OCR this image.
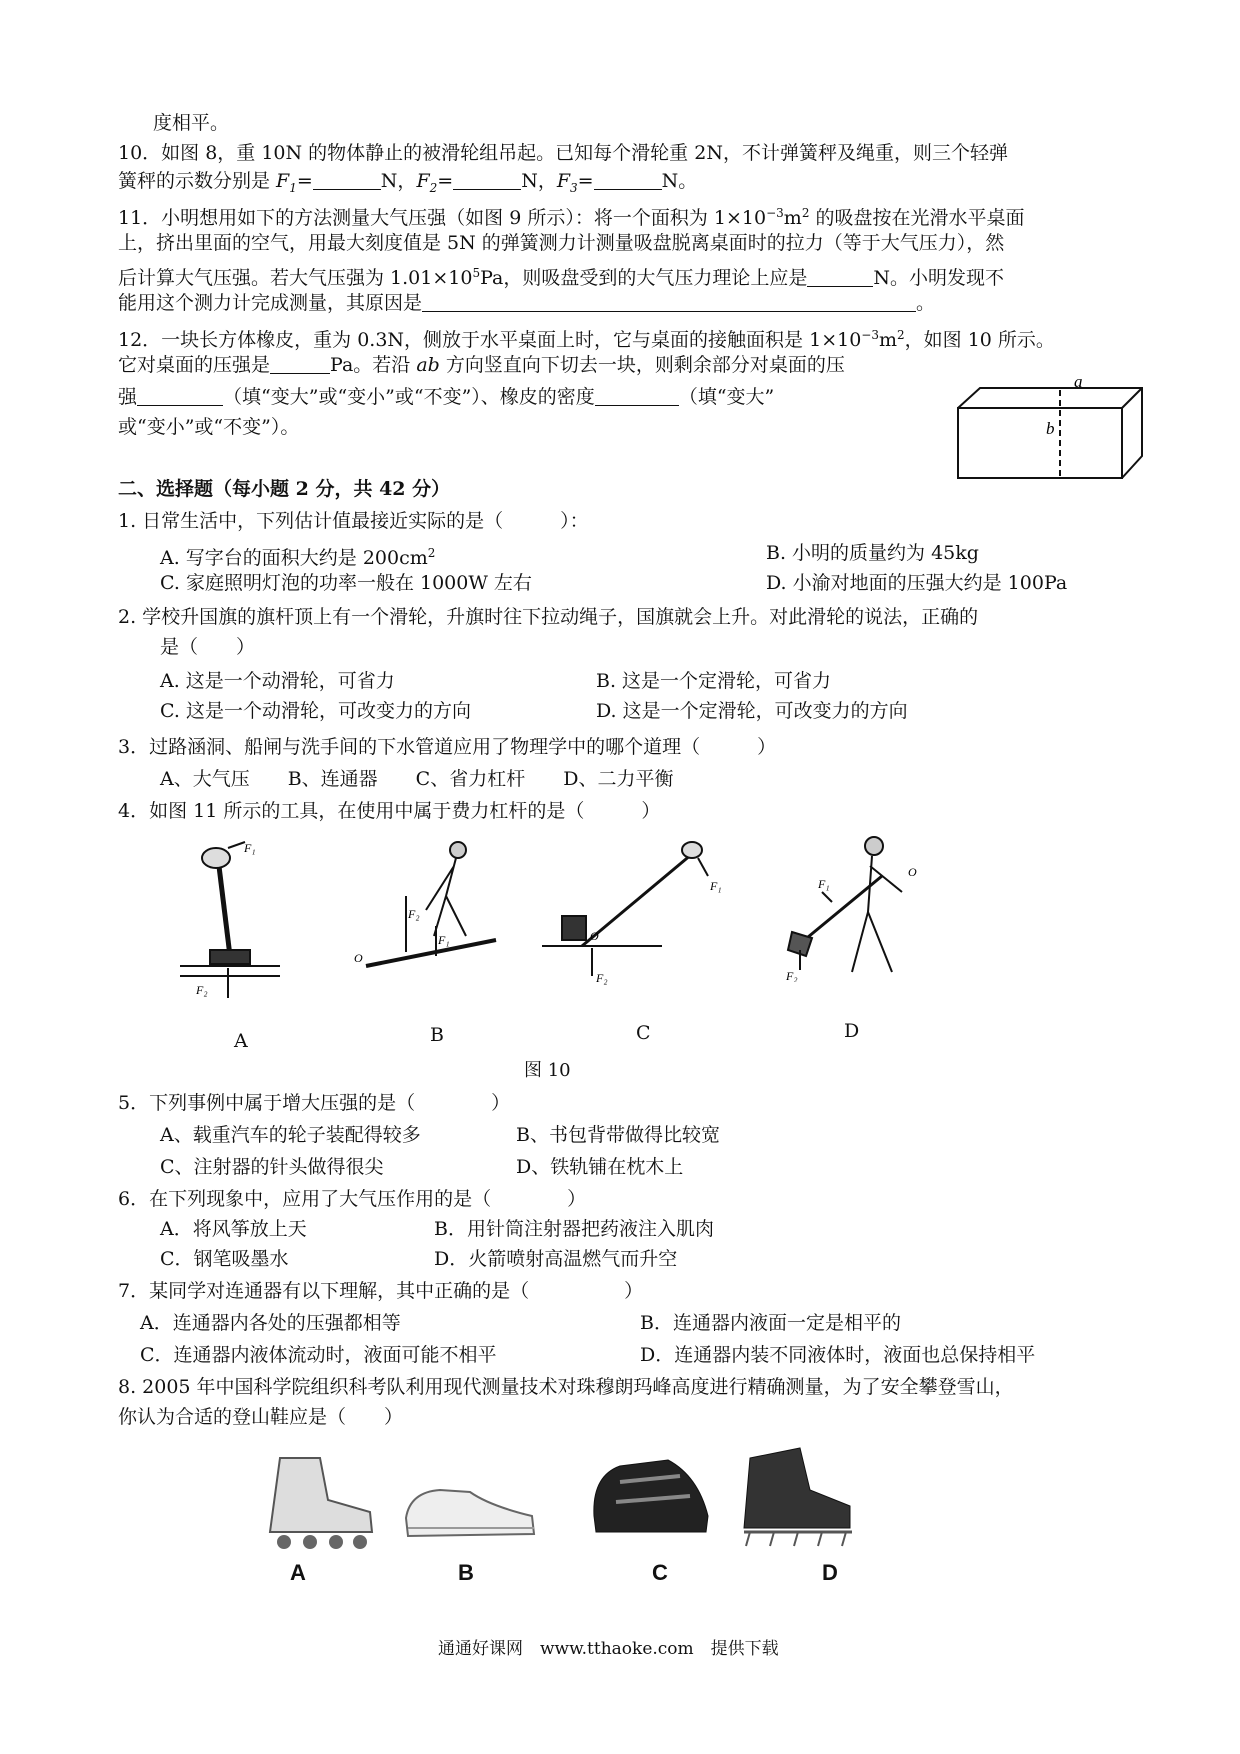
度相平。
10．如图 8，重 10N 的物体静止的被滑轮组吊起。已知每个滑轮重 2N，不计弹簧秤及绳重，则三个轻弹
簧秤的示数分别是 $F_1=$	N，$F_2=$	N，$F_3=$	N。
11．小明想用如下的方法测量大气压强（如图 9 所示）：将一个面积为 $1\times 10^{-3}m^2$ 的吸盘按在光滑水平桌面
上，挤出里面的空气，用最大刻度值是 5N 的弹簧测力计测量吸盘脱离桌面时的拉力（等于大气压力），然
后计算大气压强。若大气压强为 $1.01\times 10^5Pa$，则吸盘受到的大气压力理论上应是	N。小明发现不
能用这个测力计完成测量，其原因是	。
12．一块长方体橡皮，重为 0.3N，侧放于水平桌面上时，它与桌面的接触面积是 $1\times 10^{-3}m^2$，如图 10 所示。
它对桌面的压强是	Pa。若沿 ab 方向竖直向下切去一块，则剩余部分对桌面的压
强	（填“变大”或“变小”或“不变”）、橡皮的密度	（填“变大”
或“变小”或“不变”）。
a
b
二、选择题（每小题 2 分，共 42 分）
1. 日常生活中，下列估计值最接近实际的是（　　　）：
A. 写字台的面积大约是 $200cm^2$	B. 小明的质量约为 45kg
C. 家庭照明灯泡的功率一般在 1000W 左右	D. 小渝对地面的压强大约是 100Pa
2. 学校升国旗的旗杆顶上有一个滑轮，升旗时往下拉动绳子，国旗就会上升。对此滑轮的说法，正确的
是（　　）
A. 这是一个动滑轮，可省力	B. 这是一个定滑轮，可省力
C. 这是一个动滑轮，可改变力的方向	D. 这是一个定滑轮，可改变力的方向
3．过路涵洞、船闸与洗手间的下水管道应用了物理学中的哪个道理（　　　）
A、大气压　　B、连通器　　C、省力杠杆　　D、二力平衡
4．如图 11 所示的工具，在使用中属于费力杠杆的是（　　　）
F₁
F₂
F₂
F₁
O
O
F₁
F₂
F₁
O
F₂
A	B	C	D
图 10
5．下列事例中属于增大压强的是（　　　　）
A、载重汽车的轮子装配得较多	B、书包背带做得比较宽
C、注射器的针头做得很尖	D、铁轨铺在枕木上
6．在下列现象中，应用了大气压作用的是（　　　　）
A．将风筝放上天	B．用针筒注射器把药液注入肌肉
C．钢笔吸墨水	D．火箭喷射高温燃气而升空
7．某同学对连通器有以下理解，其中正确的是（　　　　　）
A．连通器内各处的压强都相等	B．连通器内液面一定是相平的
C．连通器内液体流动时，液面可能不相平	D．连通器内装不同液体时，液面也总保持相平
8. 2005 年中国科学院组织科考队利用现代测量技术对珠穆朗玛峰高度进行精确测量，为了安全攀登雪山，
你认为合适的登山鞋应是（　　）
A	B	C	D
通通好课网　www.tthaoke.com　提供下载
